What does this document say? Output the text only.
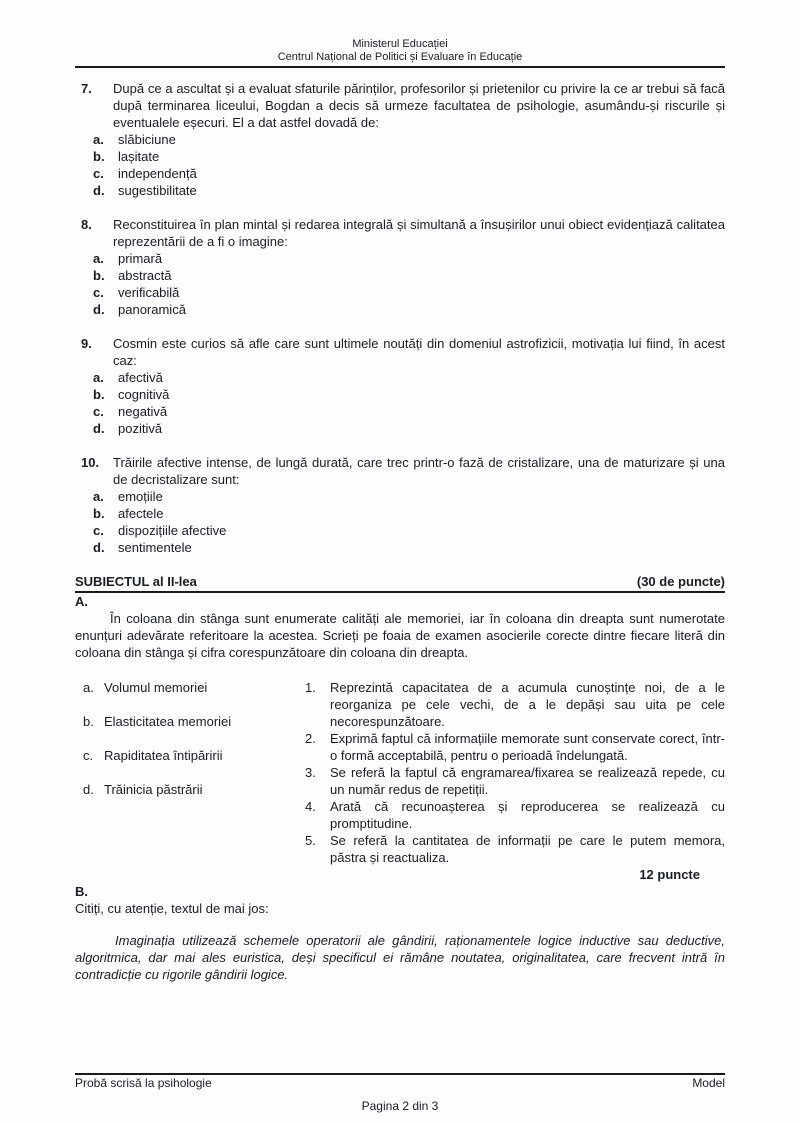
Ministerul Educației
Centrul Național de Politici și Evaluare în Educație
7.	După ce a ascultat și a evaluat sfaturile părinților, profesorilor și prietenilor cu privire la ce ar trebui să facă după terminarea liceului, Bogdan a decis să urmeze facultatea de psihologie, asumându-și riscurile și eventualele eșecuri. El a dat astfel dovadă de:
a.	slăbiciune
b.	lașitate
c.	independență
d.	sugestibilitate
8.	Reconstituirea în plan mintal și redarea integrală și simultană a însușirilor unui obiect evidențiază calitatea reprezentării de a fi o imagine:
a.	primară
b.	abstractă
c.	verificabilă
d.	panoramică
9.	Cosmin este curios să afle care sunt ultimele noutăți din domeniul astrofizicii, motivația lui fiind, în acest caz:
a.	afectivă
b.	cognitivă
c.	negativă
d.	pozitivă
10.	Trăirile afective intense, de lungă durată, care trec printr-o fază de cristalizare, una de maturizare și una de decristalizare sunt:
a.	emoțiile
b.	afectele
c.	dispozițiile afective
d.	sentimentele
SUBIECTUL al II-lea	(30 de puncte)
A.

În coloana din stânga sunt enumerate calități ale memoriei, iar în coloana din dreapta sunt numerotate enunțuri adevărate referitoare la acestea. Scrieți pe foaia de examen asocierile corecte dintre fiecare literă din coloana din stânga și cifra corespunzătoare din coloana din dreapta.

a. Volumul memoriei
b. Elasticitatea memoriei
c. Rapiditatea întipăririi
d. Trăinicia păstrării
1.	Reprezintă capacitatea de a acumula cunoștințe noi, de a le reorganiza pe cele vechi, de a le depăși sau uita pe cele necorespunzătoare.
2.	Exprimă faptul că informațiile memorate sunt conservate corect, într-o formă acceptabilă, pentru o perioadă îndelungată.
3.	Se referă la faptul că engramarea/fixarea se realizează repede, cu un număr redus de repetiții.
4.	Arată că recunoașterea și reproducerea se realizează cu promptitudine.
5.	Se referă la cantitatea de informații pe care le putem memora, păstra și reactualiza.
12 puncte
B.
Citiți, cu atenție, textul de mai jos:

Imaginația utilizează schemele operatorii ale gândirii, raționamentele logice inductive sau deductive, algoritmica, dar mai ales euristica, deși specificul ei rămâne noutatea, originalitatea, care frecvent intră în contradicție cu rigorile gândirii logice.

Probă scrisă la psihologie	Model
Pagina 2 din 3
